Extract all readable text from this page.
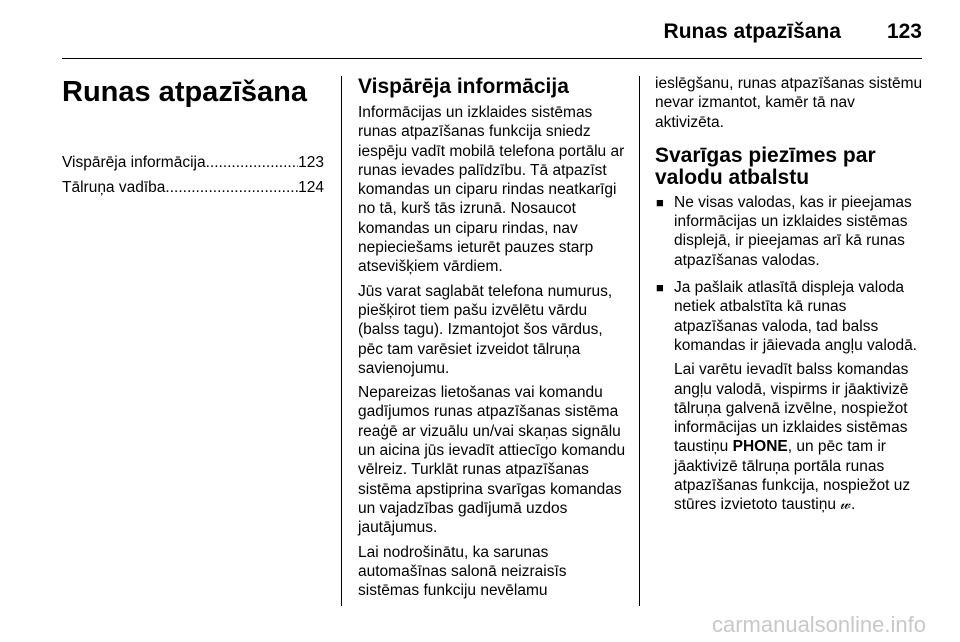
Runas atpazīšana 123
Runas atpazīšana
Vispārēja informācija .....	123
Tālruņa vadība .....	124
Vispārēja informācija

Informācijas un izklaides sistēmas runas atpazīšanas funkcija sniedz iespēju vadīt mobilā telefona portālu ar runas ievades palīdzību. Tā atpazīst komandas un ciparu rindas neatkarīgi no tā, kurš tās izrunā. Nosaucot komandas un ciparu rindas, nav nepieciešams ieturēt pauzes starp atsevišķiem vārdiem.

Jūs varat saglabāt telefona numurus, piešķirot tiem pašu izvēlētu vārdu (balss tagu). Izmantojot šos vārdus, pēc tam varēsiet izveidot tālruņa savienojumu.

Nepareizas lietošanas vai komandu gadījumos runas atpazīšanas sistēma reaģē ar vizuālu un/vai skaņas signālu un aicina jūs ievadīt attiecīgo komandu vēlreiz. Turklāt runas atpazīšanas sistēma apstiprina svarīgas komandas un vajadzības gadījumā uzdos jautājumus.

Lai nodrošinātu, ka sarunas automašīnas salonā neizraisīs sistēmas funkciju nevēlamu

ieslēgšanu, runas atpazīšanas sistēmu nevar izmantot, kamēr tā nav aktivizēta.

Svarīgas piezīmes par valodu atbalstu
■ Ne visas valodas, kas ir pieejamas informācijas un izklaides sistēmas displejā, ir pieejamas arī kā runas atpazīšanas valodas.
■ Ja pašlaik atlasītā displeja valoda netiek atbalstīta kā runas atpazīšanas valoda, tad balss komandas ir jāievada angļu valodā.

Lai varētu ievadīt balss komandas angļu valodā, vispirms ir jāaktivizē tālruņa galvenā izvēlne, nospiežot informācijas un izklaides sistēmas taustiņu PHONE, un pēc tam ir jāaktivizē tālruņa portāla runas atpazīšanas funkcija, nospiežot uz stūres izvietoto taustiņu 𝓌.

carmanualsonline.info
